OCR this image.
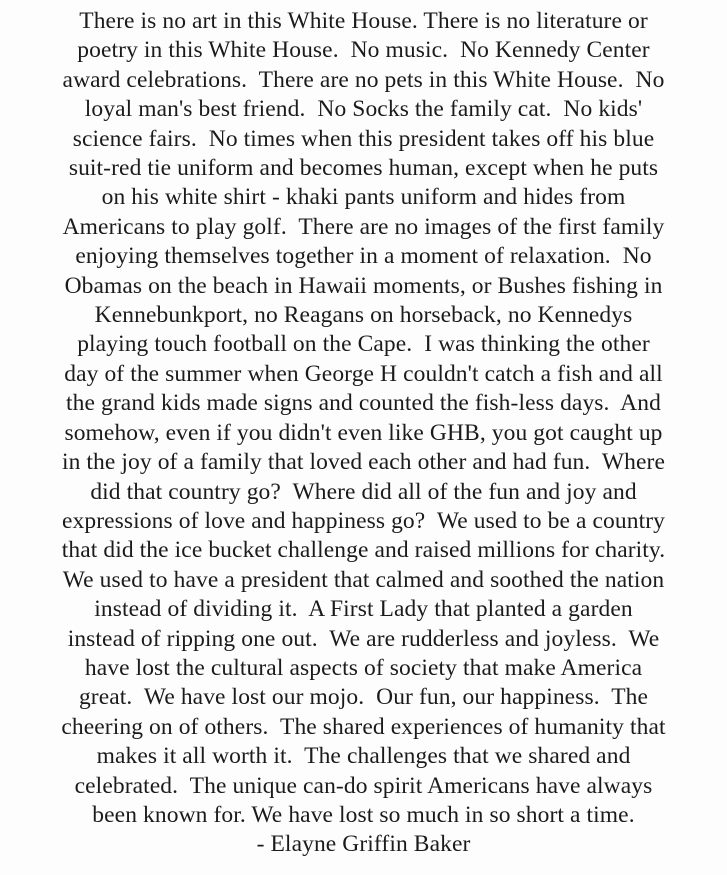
There is no art in this White House. There is no literature or
poetry in this White House.  No music.  No Kennedy Center
award celebrations.  There are no pets in this White House.  No
loyal man's best friend.  No Socks the family cat.  No kids'
science fairs.  No times when this president takes off his blue
suit-red tie uniform and becomes human, except when he puts
on his white shirt - khaki pants uniform and hides from
Americans to play golf.  There are no images of the first family
enjoying themselves together in a moment of relaxation.  No
Obamas on the beach in Hawaii moments, or Bushes fishing in
Kennebunkport, no Reagans on horseback, no Kennedys
playing touch football on the Cape.  I was thinking the other
day of the summer when George H couldn't catch a fish and all
the grand kids made signs and counted the fish-less days.  And
somehow, even if you didn't even like GHB, you got caught up
in the joy of a family that loved each other and had fun.  Where
did that country go?  Where did all of the fun and joy and
expressions of love and happiness go?  We used to be a country
that did the ice bucket challenge and raised millions for charity.
We used to have a president that calmed and soothed the nation
instead of dividing it.  A First Lady that planted a garden
instead of ripping one out.  We are rudderless and joyless.  We
have lost the cultural aspects of society that make America
great.  We have lost our mojo.  Our fun, our happiness.  The
cheering on of others.  The shared experiences of humanity that
makes it all worth it.  The challenges that we shared and
celebrated.  The unique can-do spirit Americans have always
been known for. We have lost so much in so short a time.
- Elayne Griffin Baker
